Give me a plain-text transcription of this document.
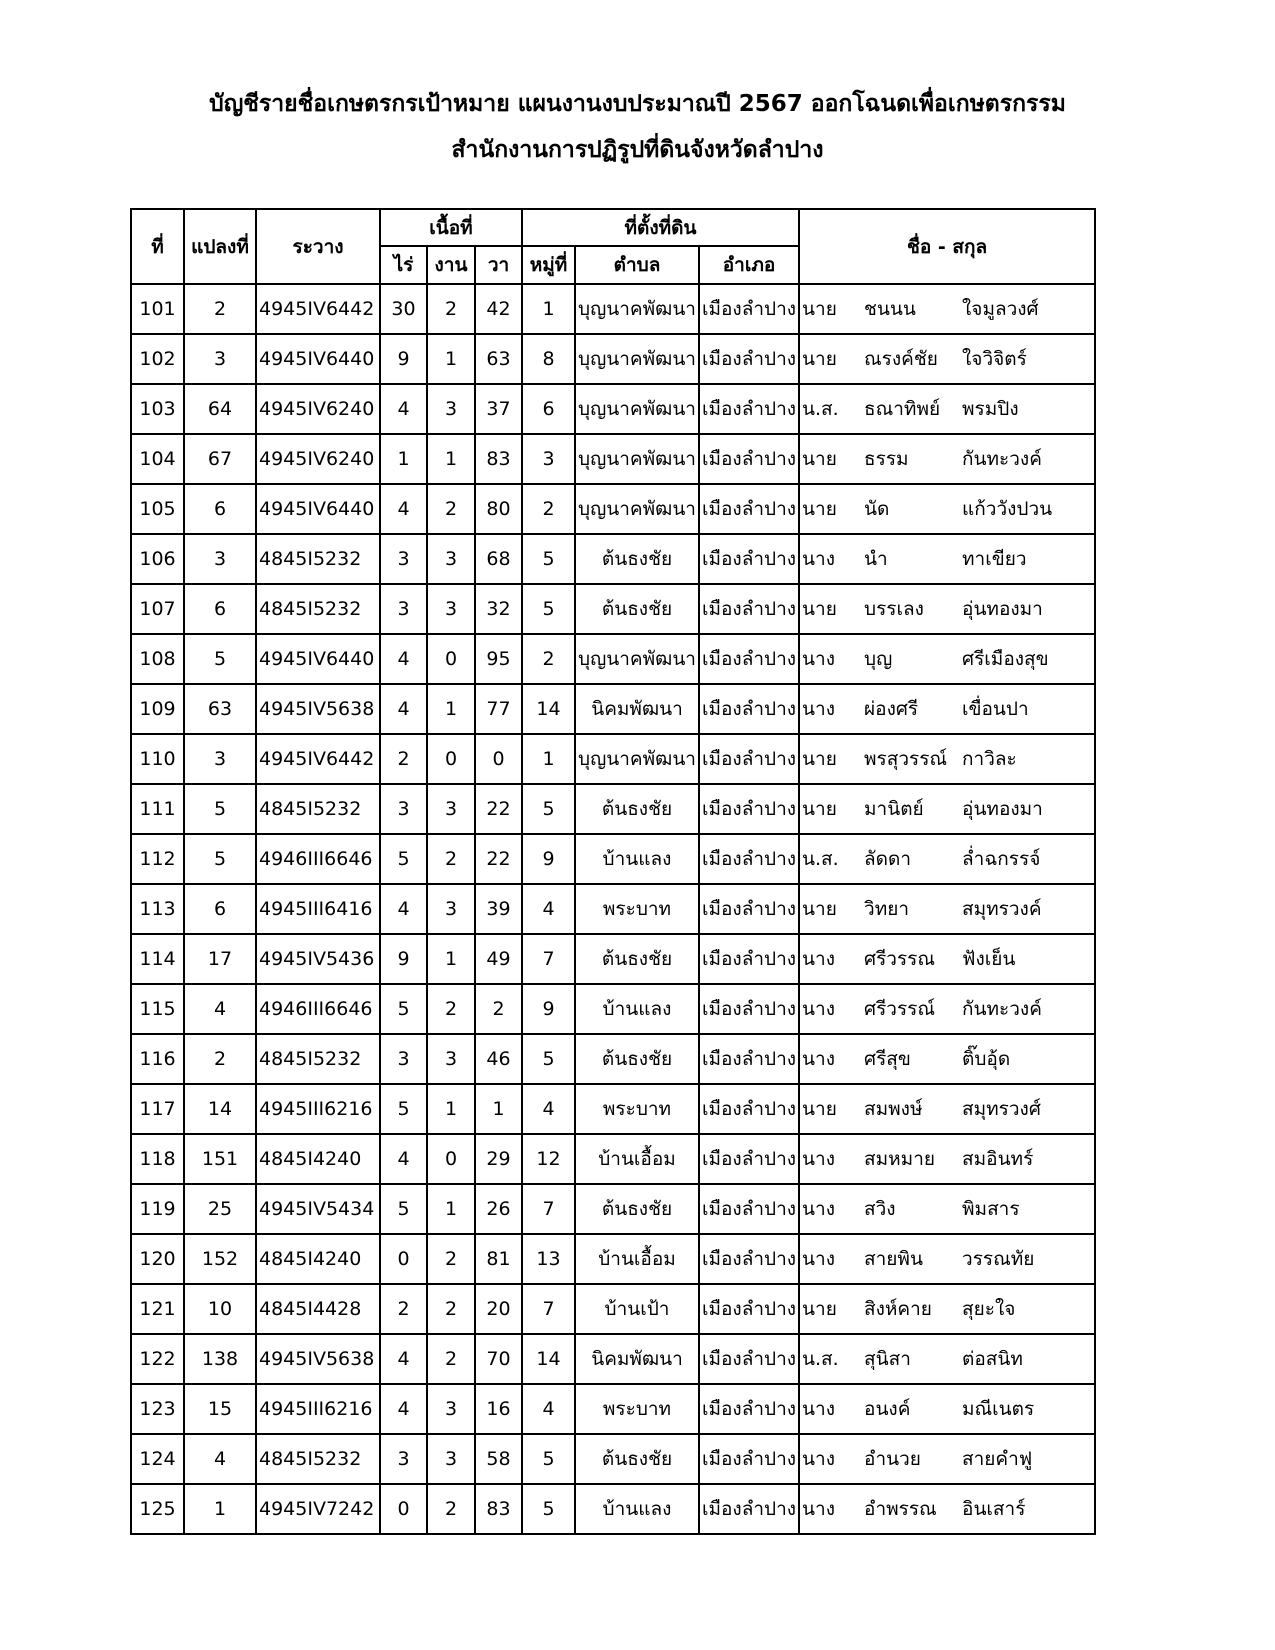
บัญชีรายชื่อเกษตรกรเป้าหมาย แผนงานงบประมาณปี 2567 ออกโฉนดเพื่อเกษตรกรรม
สำนักงานการปฏิรูปที่ดินจังหวัดลำปาง
ที่	แปลงที่	ระวาง	เนื้อที่			ที่ตั้งที่ดิน			ชื่อ - สกุล
			ไร่	งาน	วา	หมู่ที่	ตำบล	อำเภอ	
101	2	4945IV6442	30	2	42	1	บุญนาคพัฒนา	เมืองลำปาง	นาย ชนนน ใจมูลวงศ์
102	3	4945IV6440	9	1	63	8	บุญนาคพัฒนา	เมืองลำปาง	นาย ณรงค์ชัย ใจวิจิตร์
103	64	4945IV6240	4	3	37	6	บุญนาคพัฒนา	เมืองลำปาง	น.ส. ธณาทิพย์ พรมปิง
104	67	4945IV6240	1	1	83	3	บุญนาคพัฒนา	เมืองลำปาง	นาย ธรรม กันทะวงค์
105	6	4945IV6440	4	2	80	2	บุญนาคพัฒนา	เมืองลำปาง	นาย นัด แก้ววังปวน
106	3	4845I5232	3	3	68	5	ต้นธงชัย	เมืองลำปาง	นาง นำ ทาเขียว
107	6	4845I5232	3	3	32	5	ต้นธงชัย	เมืองลำปาง	นาย บรรเลง อุ่นทองมา
108	5	4945IV6440	4	0	95	2	บุญนาคพัฒนา	เมืองลำปาง	นาง บุญ ศรีเมืองสุข
109	63	4945IV5638	4	1	77	14	นิคมพัฒนา	เมืองลำปาง	นาง ผ่องศรี เขื่อนปา
110	3	4945IV6442	2	0	0	1	บุญนาคพัฒนา	เมืองลำปาง	นาย พรสุวรรณ์ กาวิละ
111	5	4845I5232	3	3	22	5	ต้นธงชัย	เมืองลำปาง	นาย มานิตย์ อุ่นทองมา
112	5	4946III6646	5	2	22	9	บ้านแลง	เมืองลำปาง	น.ส. ลัดดา ล่ำฉกรรจ์
113	6	4945III6416	4	3	39	4	พระบาท	เมืองลำปาง	นาย วิทยา สมุทรวงค์
114	17	4945IV5436	9	1	49	7	ต้นธงชัย	เมืองลำปาง	นาง ศรีวรรณ ฟังเย็น
115	4	4946III6646	5	2	2	9	บ้านแลง	เมืองลำปาง	นาง ศรีวรรณ์ กันทะวงค์
116	2	4845I5232	3	3	46	5	ต้นธงชัย	เมืองลำปาง	นาง ศรีสุข ติ๊บอุ้ด
117	14	4945III6216	5	1	1	4	พระบาท	เมืองลำปาง	นาย สมพงษ์ สมุทรวงศ์
118	151	4845I4240	4	0	29	12	บ้านเอื้อม	เมืองลำปาง	นาง สมหมาย สมอินทร์
119	25	4945IV5434	5	1	26	7	ต้นธงชัย	เมืองลำปาง	นาง สวิง พิมสาร
120	152	4845I4240	0	2	81	13	บ้านเอื้อม	เมืองลำปาง	นาง สายพิน วรรณทัย
121	10	4845I4428	2	2	20	7	บ้านเป้า	เมืองลำปาง	นาย สิงห์คาย สุยะใจ
122	138	4945IV5638	4	2	70	14	นิคมพัฒนา	เมืองลำปาง	น.ส. สุนิสา ต่อสนิท
123	15	4945III6216	4	3	16	4	พระบาท	เมืองลำปาง	นาง อนงค์ มณีเนตร
124	4	4845I5232	3	3	58	5	ต้นธงชัย	เมืองลำปาง	นาง อำนวย สายคำฟู
125	1	4945IV7242	0	2	83	5	บ้านแลง	เมืองลำปาง	นาง อำพรรณ อินเสาร์
